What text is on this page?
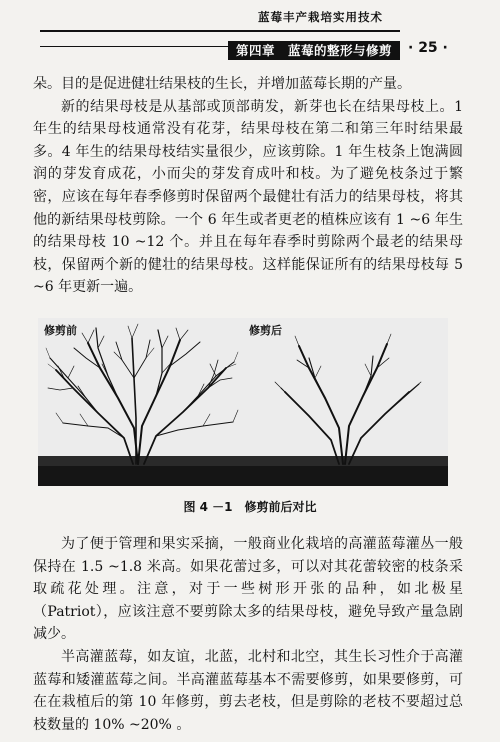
蓝莓丰产栽培实用技术
第四章　蓝莓的整形与修剪	· 25 ·

朵。目的是促进健壮结果枝的生长，并增加蓝莓长期的产量。

新的结果母枝是从基部或顶部萌发，新芽也长在结果母枝上。1 年生的结果母枝通常没有花芽，结果母枝在第二和第三年时结果最多。4 年生的结果母枝结实量很少，应该剪除。1 年生枝条上饱满圆润的芽发育成花，小而尖的芽发育成叶和枝。为了避免枝条过于繁密，应该在每年春季修剪时保留两个最健壮有活力的结果母枝，将其他的新结果母枝剪除。一个 6 年生或者更老的植株应该有 1 ~6 年生的结果母枝 10 ~12 个。并且在每年春季时剪除两个最老的结果母枝，保留两个新的健壮的结果母枝。这样能保证所有的结果母枝每 5 ~6 年更新一遍。

修剪前	修剪后
图 4 －1　修剪前后对比

为了便于管理和果实采摘，一般商业化栽培的高灌蓝莓灌丛一般保持在 1.5 ~1.8 米高。如果花蕾过多，可以对其花蕾较密的枝条采取疏花处理。注意，对于一些树形开张的品种，如北极星（Patriot），应该注意不要剪除太多的结果母枝，避免导致产量急剧减少。

半高灌蓝莓，如友谊，北蓝，北村和北空，其生长习性介于高灌蓝莓和矮灌蓝莓之间。半高灌蓝莓基本不需要修剪，如果要修剪，可在在栽植后的第 10 年修剪，剪去老枝，但是剪除的老枝不要超过总枝数量的 10% ~20% 。
